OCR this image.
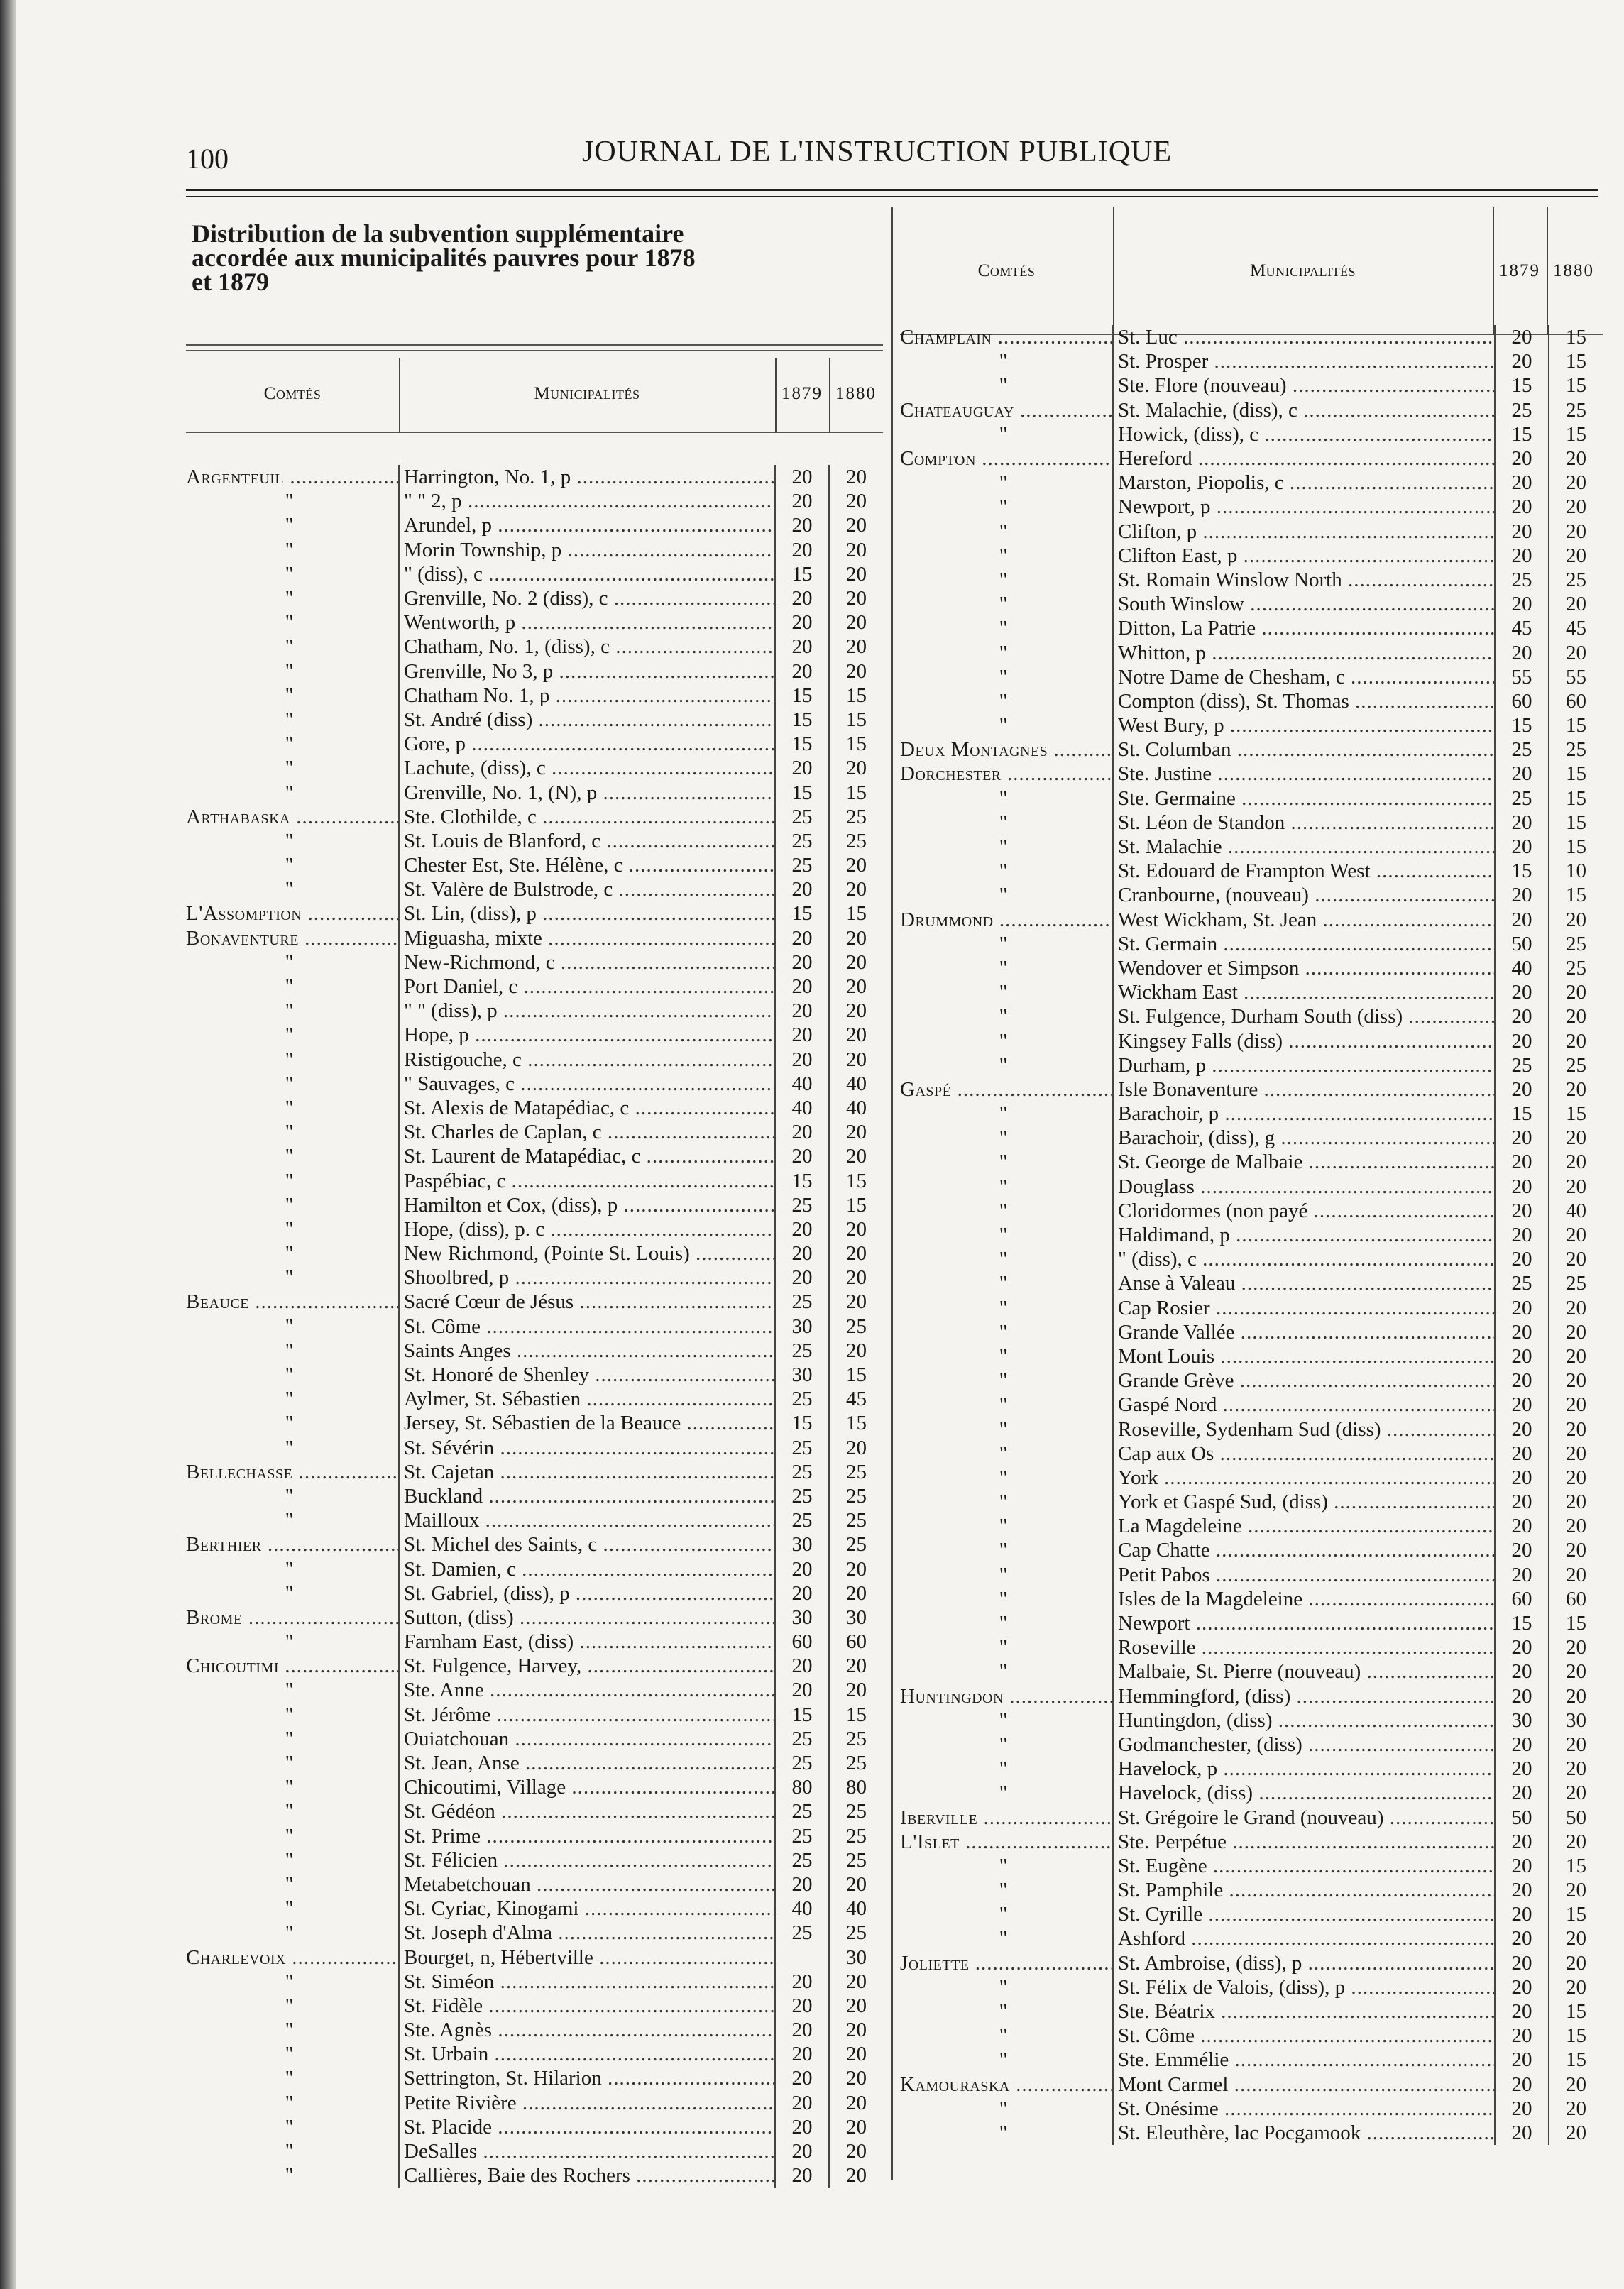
100	JOURNAL DE L'INSTRUCTION PUBLIQUE
Distribution de la subvention supplémentaire
accordée aux municipalités pauvres pour 1878
et 1879
Comtés	Municipalités	1879 1880
Comtés	Municipalités	1879 1880
Argenteuil .....	Harrington, No. 1, p .....	20	20
"	" " 2, p .....	20	20
"	Arundel, p .....	20	20
"	Morin Township, p .....	20	20
"	" (diss), c .....	15	20
"	Grenville, No. 2 (diss), c .....	20	20
"	Wentworth, p .....	20	20
"	Chatham, No. 1, (diss), c .....	20	20
"	Grenville, No 3, p .....	20	20
"	Chatham No. 1, p .....	15	15
"	St. André (diss) .....	15	15
"	Gore, p .....	15	15
"	Lachute, (diss), c .....	20	20
"	Grenville, No. 1, (N), p .....	15	15
Arthabaska .....	Ste. Clothilde, c .....	25	25
"	St. Louis de Blanford, c .....	25	25
"	Chester Est, Ste. Hélène, c .....	25	20
"	St. Valère de Bulstrode, c .....	20	20
L'Assomption .....	St. Lin, (diss), p .....	15	15
Bonaventure .....	Miguasha, mixte .....	20	20
"	New-Richmond, c .....	20	20
"	Port Daniel, c .....	20	20
"	" " (diss), p .....	20	20
"	Hope, p .....	20	20
"	Ristigouche, c .....	20	20
"	" Sauvages, c .....	40	40
"	St. Alexis de Matapédiac, c .....	40	40
"	St. Charles de Caplan, c .....	20	20
"	St. Laurent de Matapédiac, c .....	20	20
"	Paspébiac, c .....	15	15
"	Hamilton et Cox, (diss), p .....	25	15
"	Hope, (diss), p. c .....	20	20
"	New Richmond, (Pointe St. Louis) .....	20	20
"	Shoolbred, p .....	20	20
Beauce .....	Sacré Cœur de Jésus .....	25	20
"	St. Côme .....	30	25
"	Saints Anges .....	25	20
"	St. Honoré de Shenley .....	30	15
"	Aylmer, St. Sébastien .....	25	45
"	Jersey, St. Sébastien de la Beauce .....	15	15
"	St. Sévérin .....	25	20
Bellechasse .....	St. Cajetan .....	25	25
"	Buckland .....	25	25
"	Mailloux .....	25	25
Berthier .....	St. Michel des Saints, c .....	30	25
"	St. Damien, c .....	20	20
"	St. Gabriel, (diss), p .....	20	20
Brome .....	Sutton, (diss) .....	30	30
"	Farnham East, (diss) .....	60	60
Chicoutimi .....	St. Fulgence, Harvey, .....	20	20
"	Ste. Anne .....	20	20
"	St. Jérôme .....	15	15
"	Ouiatchouan .....	25	25
"	St. Jean, Anse .....	25	25
"	Chicoutimi, Village .....	80	80
"	St. Gédéon .....	25	25
"	St. Prime .....	25	25
"	St. Félicien .....	25	25
"	Metabetchouan .....	20	20
"	St. Cyriac, Kinogami .....	40	40
"	St. Joseph d'Alma .....	25	25
Charlevoix .....	Bourget, n, Hébertville .....		30
"	St. Siméon .....	20	20
"	St. Fidèle .....	20	20
"	Ste. Agnès .....	20	20
"	St. Urbain .....	20	20
"	Settrington, St. Hilarion .....	20	20
"	Petite Rivière .....	20	20
"	St. Placide .....	20	20
"	DeSalles .....	20	20
"	Callières, Baie des Rochers .....	20	20
Champlain .....	St. Luc .....	20	15
"	St. Prosper .....	20	15
"	Ste. Flore (nouveau) .....	15	15
Chateauguay .....	St. Malachie, (diss), c .....	25	25
"	Howick, (diss), c .....	15	15
Compton .....	Hereford .....	20	20
"	Marston, Piopolis, c .....	20	20
"	Newport, p .....	20	20
"	Clifton, p .....	20	20
"	Clifton East, p .....	20	20
"	St. Romain Winslow North .....	25	25
"	South Winslow .....	20	20
"	Ditton, La Patrie .....	45	45
"	Whitton, p .....	20	20
"	Notre Dame de Chesham, c .....	55	55
"	Compton (diss), St. Thomas .....	60	60
"	West Bury, p .....	15	15
Deux Montagnes .....	St. Columban .....	25	25
Dorchester .....	Ste. Justine .....	20	15
"	Ste. Germaine .....	25	15
"	St. Léon de Standon .....	20	15
"	St. Malachie .....	20	15
"	St. Edouard de Frampton West .....	15	10
"	Cranbourne, (nouveau) .....	20	15
Drummond .....	West Wickham, St. Jean .....	20	20
"	St. Germain .....	50	25
"	Wendover et Simpson .....	40	25
"	Wickham East .....	20	20
"	St. Fulgence, Durham South (diss) .....	20	20
"	Kingsey Falls (diss) .....	20	20
"	Durham, p .....	25	25
Gaspé .....	Isle Bonaventure .....	20	20
"	Barachoir, p .....	15	15
"	Barachoir, (diss), g .....	20	20
"	St. George de Malbaie .....	20	20
"	Douglass .....	20	20
"	Cloridormes (non payé .....	20	40
"	Haldimand, p .....	20	20
"	" (diss), c .....	20	20
"	Anse à Valeau .....	25	25
"	Cap Rosier .....	20	20
"	Grande Vallée .....	20	20
"	Mont Louis .....	20	20
"	Grande Grève .....	20	20
"	Gaspé Nord .....	20	20
"	Roseville, Sydenham Sud (diss) .....	20	20
"	Cap aux Os .....	20	20
"	York .....	20	20
"	York et Gaspé Sud, (diss) .....	20	20
"	La Magdeleine .....	20	20
"	Cap Chatte .....	20	20
"	Petit Pabos .....	20	20
"	Isles de la Magdeleine .....	60	60
"	Newport .....	15	15
"	Roseville .....	20	20
"	Malbaie, St. Pierre (nouveau) .....	20	20
Huntingdon .....	Hemmingford, (diss) .....	20	20
"	Huntingdon, (diss) .....	30	30
"	Godmanchester, (diss) .....	20	20
"	Havelock, p .....	20	20
"	Havelock, (diss) .....	20	20
Iberville .....	St. Grégoire le Grand (nouveau) .....	50	50
L'Islet .....	Ste. Perpétue .....	20	20
"	St. Eugène .....	20	15
"	St. Pamphile .....	20	20
"	St. Cyrille .....	20	15
"	Ashford .....	20	20
Joliette .....	St. Ambroise, (diss), p .....	20	20
"	St. Félix de Valois, (diss), p .....	20	20
"	Ste. Béatrix .....	20	15
"	St. Côme .....	20	15
"	Ste. Emmélie .....	20	15
Kamouraska .....	Mont Carmel .....	20	20
"	St. Onésime .....	20	20
"	St. Eleuthère, lac Pocgamook .....	20	20
